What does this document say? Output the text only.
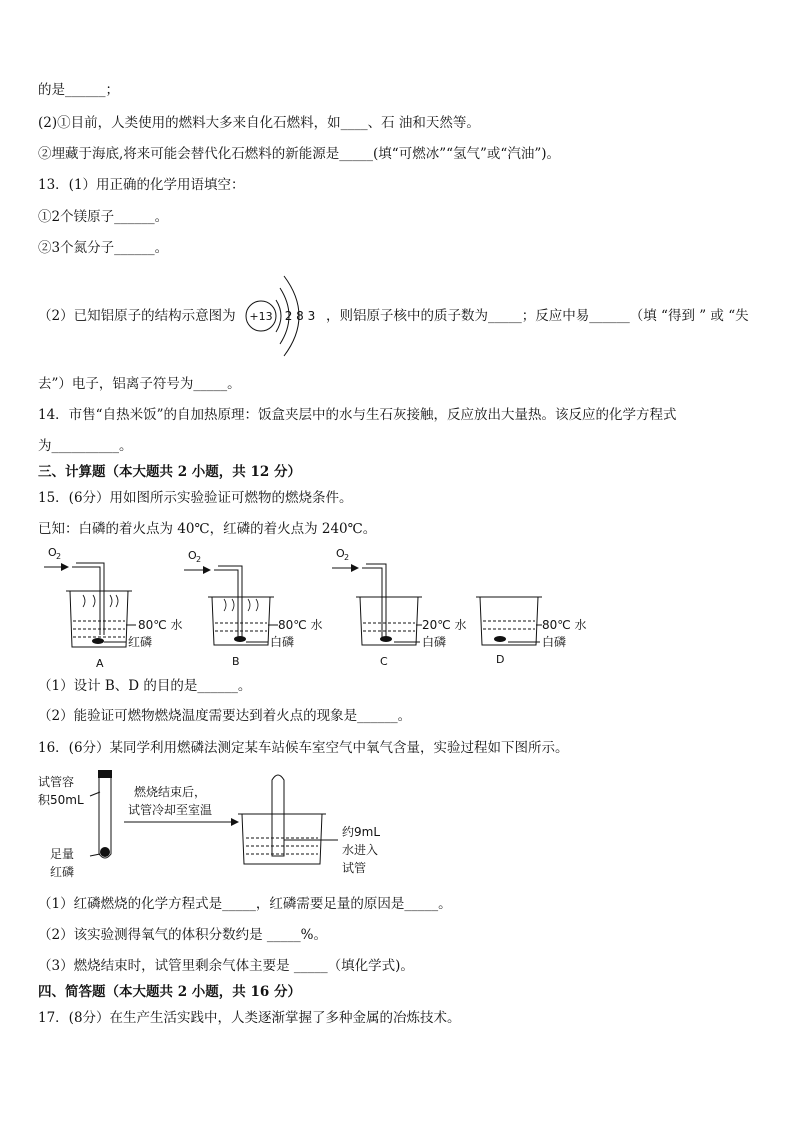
的是______；
(2)①目前，人类使用的燃料大多来自化石燃料，如____、石 油和天然等。
②埋藏于海底,将来可能会替代化石燃料的新能源是_____(填“可燃冰”“氢气”或“汽油”)。
13．(1）用正确的化学用语填空：
①2个镁原子______。
②3个氮分子______。
（2）已知铝原子的结构示意图为 +13 2 8 3 ，则铝原子核中的质子数为_____；反应中易______（填 “得到 ” 或 “失
去”）电子，铝离子符号为_____。
14．市售“自热米饭”的自加热原理：饭盒夹层中的水与生石灰接触，反应放出大量热。该反应的化学方程式
为__________。
三、计算题（本大题共 2 小题，共 12 分）
15．(6分）用如图所示实验验证可燃物的燃烧条件。
已知：白磷的着火点为 40℃，红磷的着火点为 240℃。
O 2
80℃ 水
红磷
A
O 2
80℃ 水
白磷
B
O 2
20℃ 水
白磷
C
80℃ 水
白磷
D
（1）设计 B、D 的目的是______。
（2）能验证可燃物燃烧温度需要达到着火点的现象是______。
16．(6分）某同学利用燃磷法测定某车站候车室空气中氧气含量，实验过程如下图所示。
试管容
积50mL
足量
红磷
燃烧结束后，
试管冷却至室温
约9mL
水进入
试管
（1）红磷燃烧的化学方程式是_____，红磷需要足量的原因是_____。
（2）该实验测得氧气的体积分数约是 _____%。
（3）燃烧结束时，试管里剩余气体主要是 _____（填化学式)。
四、简答题（本大题共 2 小题，共 16 分）
17．(8分）在生产生活实践中，人类逐渐掌握了多种金属的冶炼技术。
